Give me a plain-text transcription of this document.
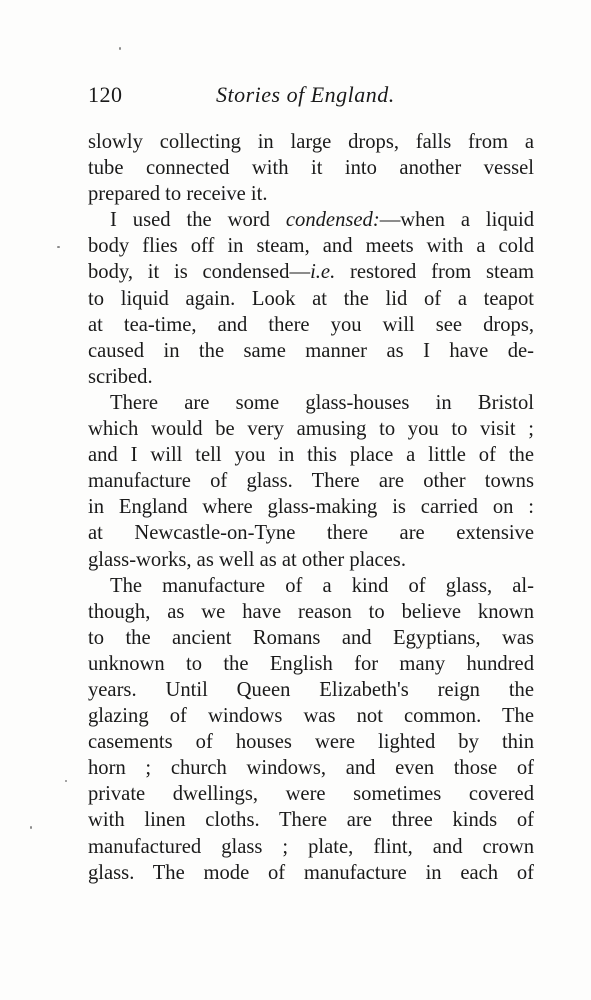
120	Stories of England.
slowly collecting in large drops, falls from a
tube connected with it into another vessel
prepared to receive it.
I used the word condensed:—when a liquid
body flies off in steam, and meets with a cold
body, it is condensed—i.e. restored from steam
to liquid again. Look at the lid of a teapot
at tea-time, and there you will see drops,
caused in the same manner as I have de-
scribed.
There are some glass-houses in Bristol
which would be very amusing to you to visit ;
and I will tell you in this place a little of the
manufacture of glass. There are other towns
in England where glass-making is carried on :
at Newcastle-on-Tyne there are extensive
glass-works, as well as at other places.
The manufacture of a kind of glass, al-
though, as we have reason to believe known
to the ancient Romans and Egyptians, was
unknown to the English for many hundred
years. Until Queen Elizabeth's reign the
glazing of windows was not common. The
casements of houses were lighted by thin
horn ; church windows, and even those of
private dwellings, were sometimes covered
with linen cloths. There are three kinds of
manufactured glass ; plate, flint, and crown
glass. The mode of manufacture in each of
